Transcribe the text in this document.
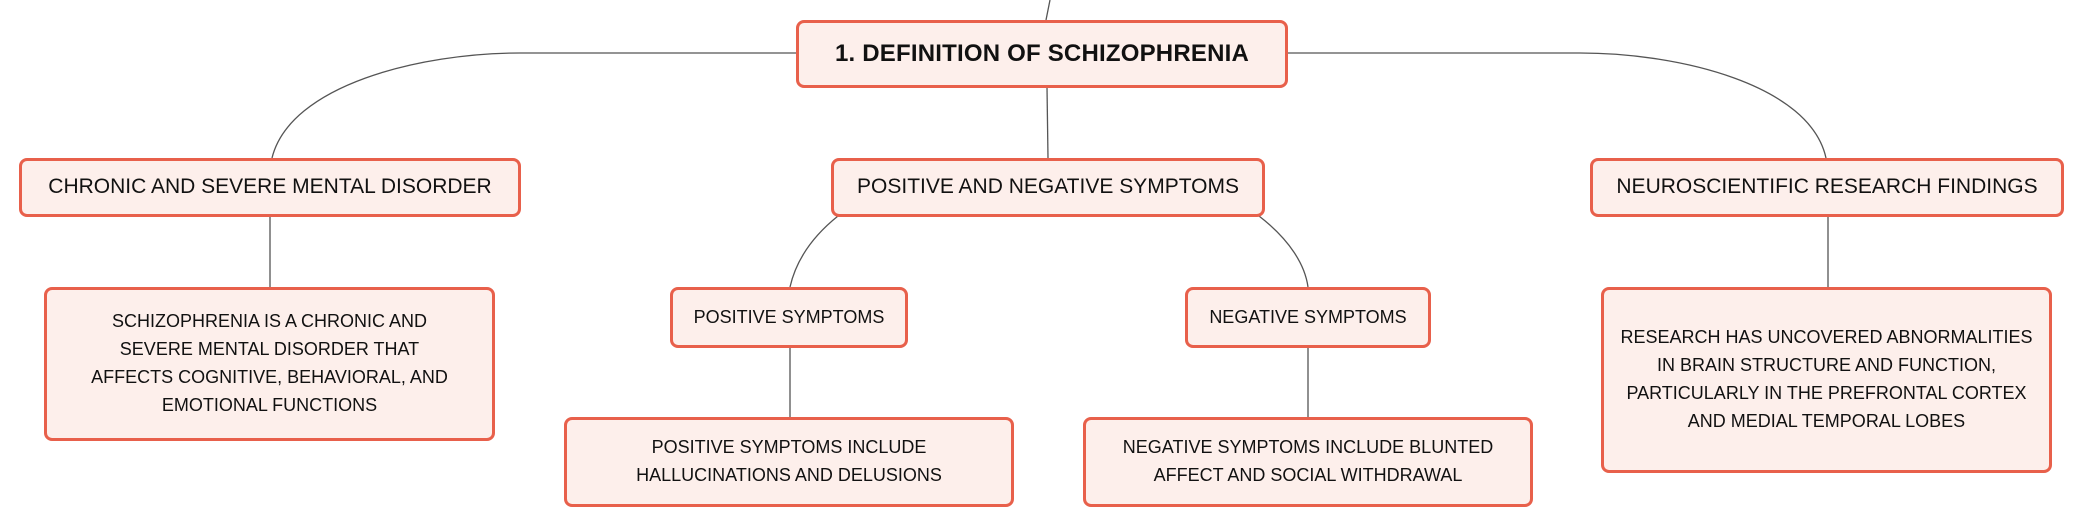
1. DEFINITION OF SCHIZOPHRENIA
CHRONIC AND SEVERE MENTAL DISORDER	POSITIVE AND NEGATIVE SYMPTOMS	NEUROSCIENTIFIC RESEARCH FINDINGS
POSITIVE SYMPTOMS	NEGATIVE SYMPTOMS
SCHIZOPHRENIA IS A CHRONIC AND SEVERE MENTAL DISORDER THAT AFFECTS COGNITIVE, BEHAVIORAL, AND EMOTIONAL FUNCTIONS
POSITIVE SYMPTOMS INCLUDE HALLUCINATIONS AND DELUSIONS
NEGATIVE SYMPTOMS INCLUDE BLUNTED AFFECT AND SOCIAL WITHDRAWAL
RESEARCH HAS UNCOVERED ABNORMALITIES IN BRAIN STRUCTURE AND FUNCTION, PARTICULARLY IN THE PREFRONTAL CORTEX AND MEDIAL TEMPORAL LOBES
